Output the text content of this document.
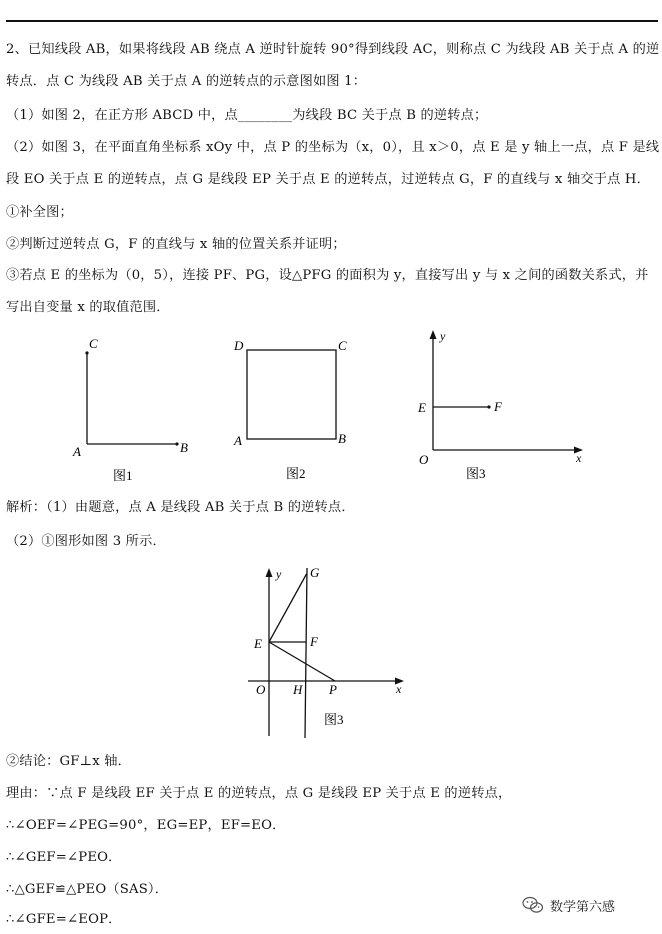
2、已知线段 AB，如果将线段 AB 绕点 A 逆时针旋转 90°得到线段 AC，则称点 C 为线段 AB 关于点 A 的逆
转点．点 C 为线段 AB 关于点 A 的逆转点的示意图如图 1：
（1）如图 2，在正方形 ABCD 中，点________为线段 BC 关于点 B 的逆转点；
（2）如图 3，在平面直角坐标系 xOy 中，点 P 的坐标为（x，0），且 x＞0，点 E 是 y 轴上一点，点 F 是线
段 EO 关于点 E 的逆转点，点 G 是线段 EP 关于点 E 的逆转点，过逆转点 G，F 的直线与 x 轴交于点 H．
①补全图；
②判断过逆转点 G，F 的直线与 x 轴的位置关系并证明；
③若点 E 的坐标为（0，5），连接 PF、PG，设△PFG 的面积为 y，直接写出 y 与 x 之间的函数关系式，并
写出自变量 x 的取值范围．
C
A	B
图1
D	C
A	B
图2
y
E	F
O	x
图3
解析：（1）由题意，点 A 是线段 AB 关于点 B 的逆转点．
（2）①图形如图 3 所示．
y G
E	F
O H P	x
图3
②结论：GF⊥x 轴．
理由：∵点 F 是线段 EF 关于点 E 的逆转点，点 G 是线段 EP 关于点 E 的逆转点，
∴∠OEF=∠PEG=90°，EG=EP，EF=EO．
∴∠GEF=∠PEO．
∴△GEF≌△PEO（SAS）．
∴∠GFE=∠EOP．
数学第六感
